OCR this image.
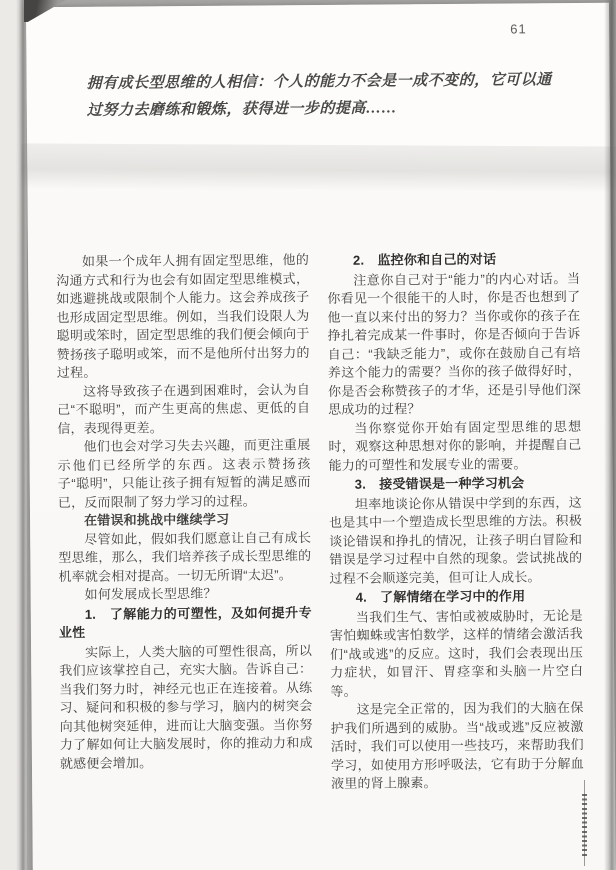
61
拥有成长型思维的人相信：个人的能力不会是一成不变的，它可以通过努力去磨练和锻炼，获得进一步的提高……

如果一个成年人拥有固定型思维，他的沟通方式和行为也会有如固定型思维模式，如逃避挑战或限制个人能力。这会养成孩子也形成固定型思维。例如，当我们设限人为聪明或笨时，固定型思维的我们便会倾向于赞扬孩子聪明或笨，而不是他所付出努力的过程。

这将导致孩子在遇到困难时，会认为自己“不聪明”，而产生更高的焦虑、更低的自信，表现得更差。

他们也会对学习失去兴趣，而更注重展示他们已经所学的东西。这表示赞扬孩子“聪明”，只能让孩子拥有短暂的满足感而已，反而限制了努力学习的过程。

在错误和挑战中继续学习

尽管如此，假如我们愿意让自己有成长型思维，那么，我们培养孩子成长型思维的机率就会相对提高。一切无所谓“太迟”。

如何发展成长型思维？

1.　了解能力的可塑性，及如何提升专业性

实际上，人类大脑的可塑性很高，所以我们应该掌控自己，充实大脑。告诉自己：当我们努力时，神经元也正在连接着。从练习、疑问和积极的参与学习，脑内的树突会向其他树突延伸，进而让大脑变强。当你努力了解如何让大脑发展时，你的推动力和成就感便会增加。

2.　监控你和自己的对话

注意你自己对于“能力”的内心对话。当你看见一个很能干的人时，你是否也想到了他一直以来付出的努力？当你或你的孩子在挣扎着完成某一件事时，你是否倾向于告诉自己：“我缺乏能力”，或你在鼓励自己有培养这个能力的需要？当你的孩子做得好时，你是否会称赞孩子的才华，还是引导他们深思成功的过程？

当你察觉你开始有固定型思维的思想时，观察这种思想对你的影响，并提醒自己能力的可塑性和发展专业的需要。

3.　接受错误是一种学习机会

坦率地谈论你从错误中学到的东西，这也是其中一个塑造成长型思维的方法。积极谈论错误和挣扎的情况，让孩子明白冒险和错误是学习过程中自然的现象。尝试挑战的过程不会顺遂完美，但可让人成长。

4.　了解情绪在学习中的作用

当我们生气、害怕或被威胁时，无论是害怕蜘蛛或害怕数学，这样的情绪会激活我们“战或逃”的反应。这时，我们会表现出压力症状，如冒汗、胃痉挛和头脑一片空白等。

这是完全正常的，因为我们的大脑在保护我们所遇到的威胁。当“战或逃”反应被激活时，我们可以使用一些技巧，来帮助我们学习，如使用方形呼吸法，它有助于分解血液里的肾上腺素。
